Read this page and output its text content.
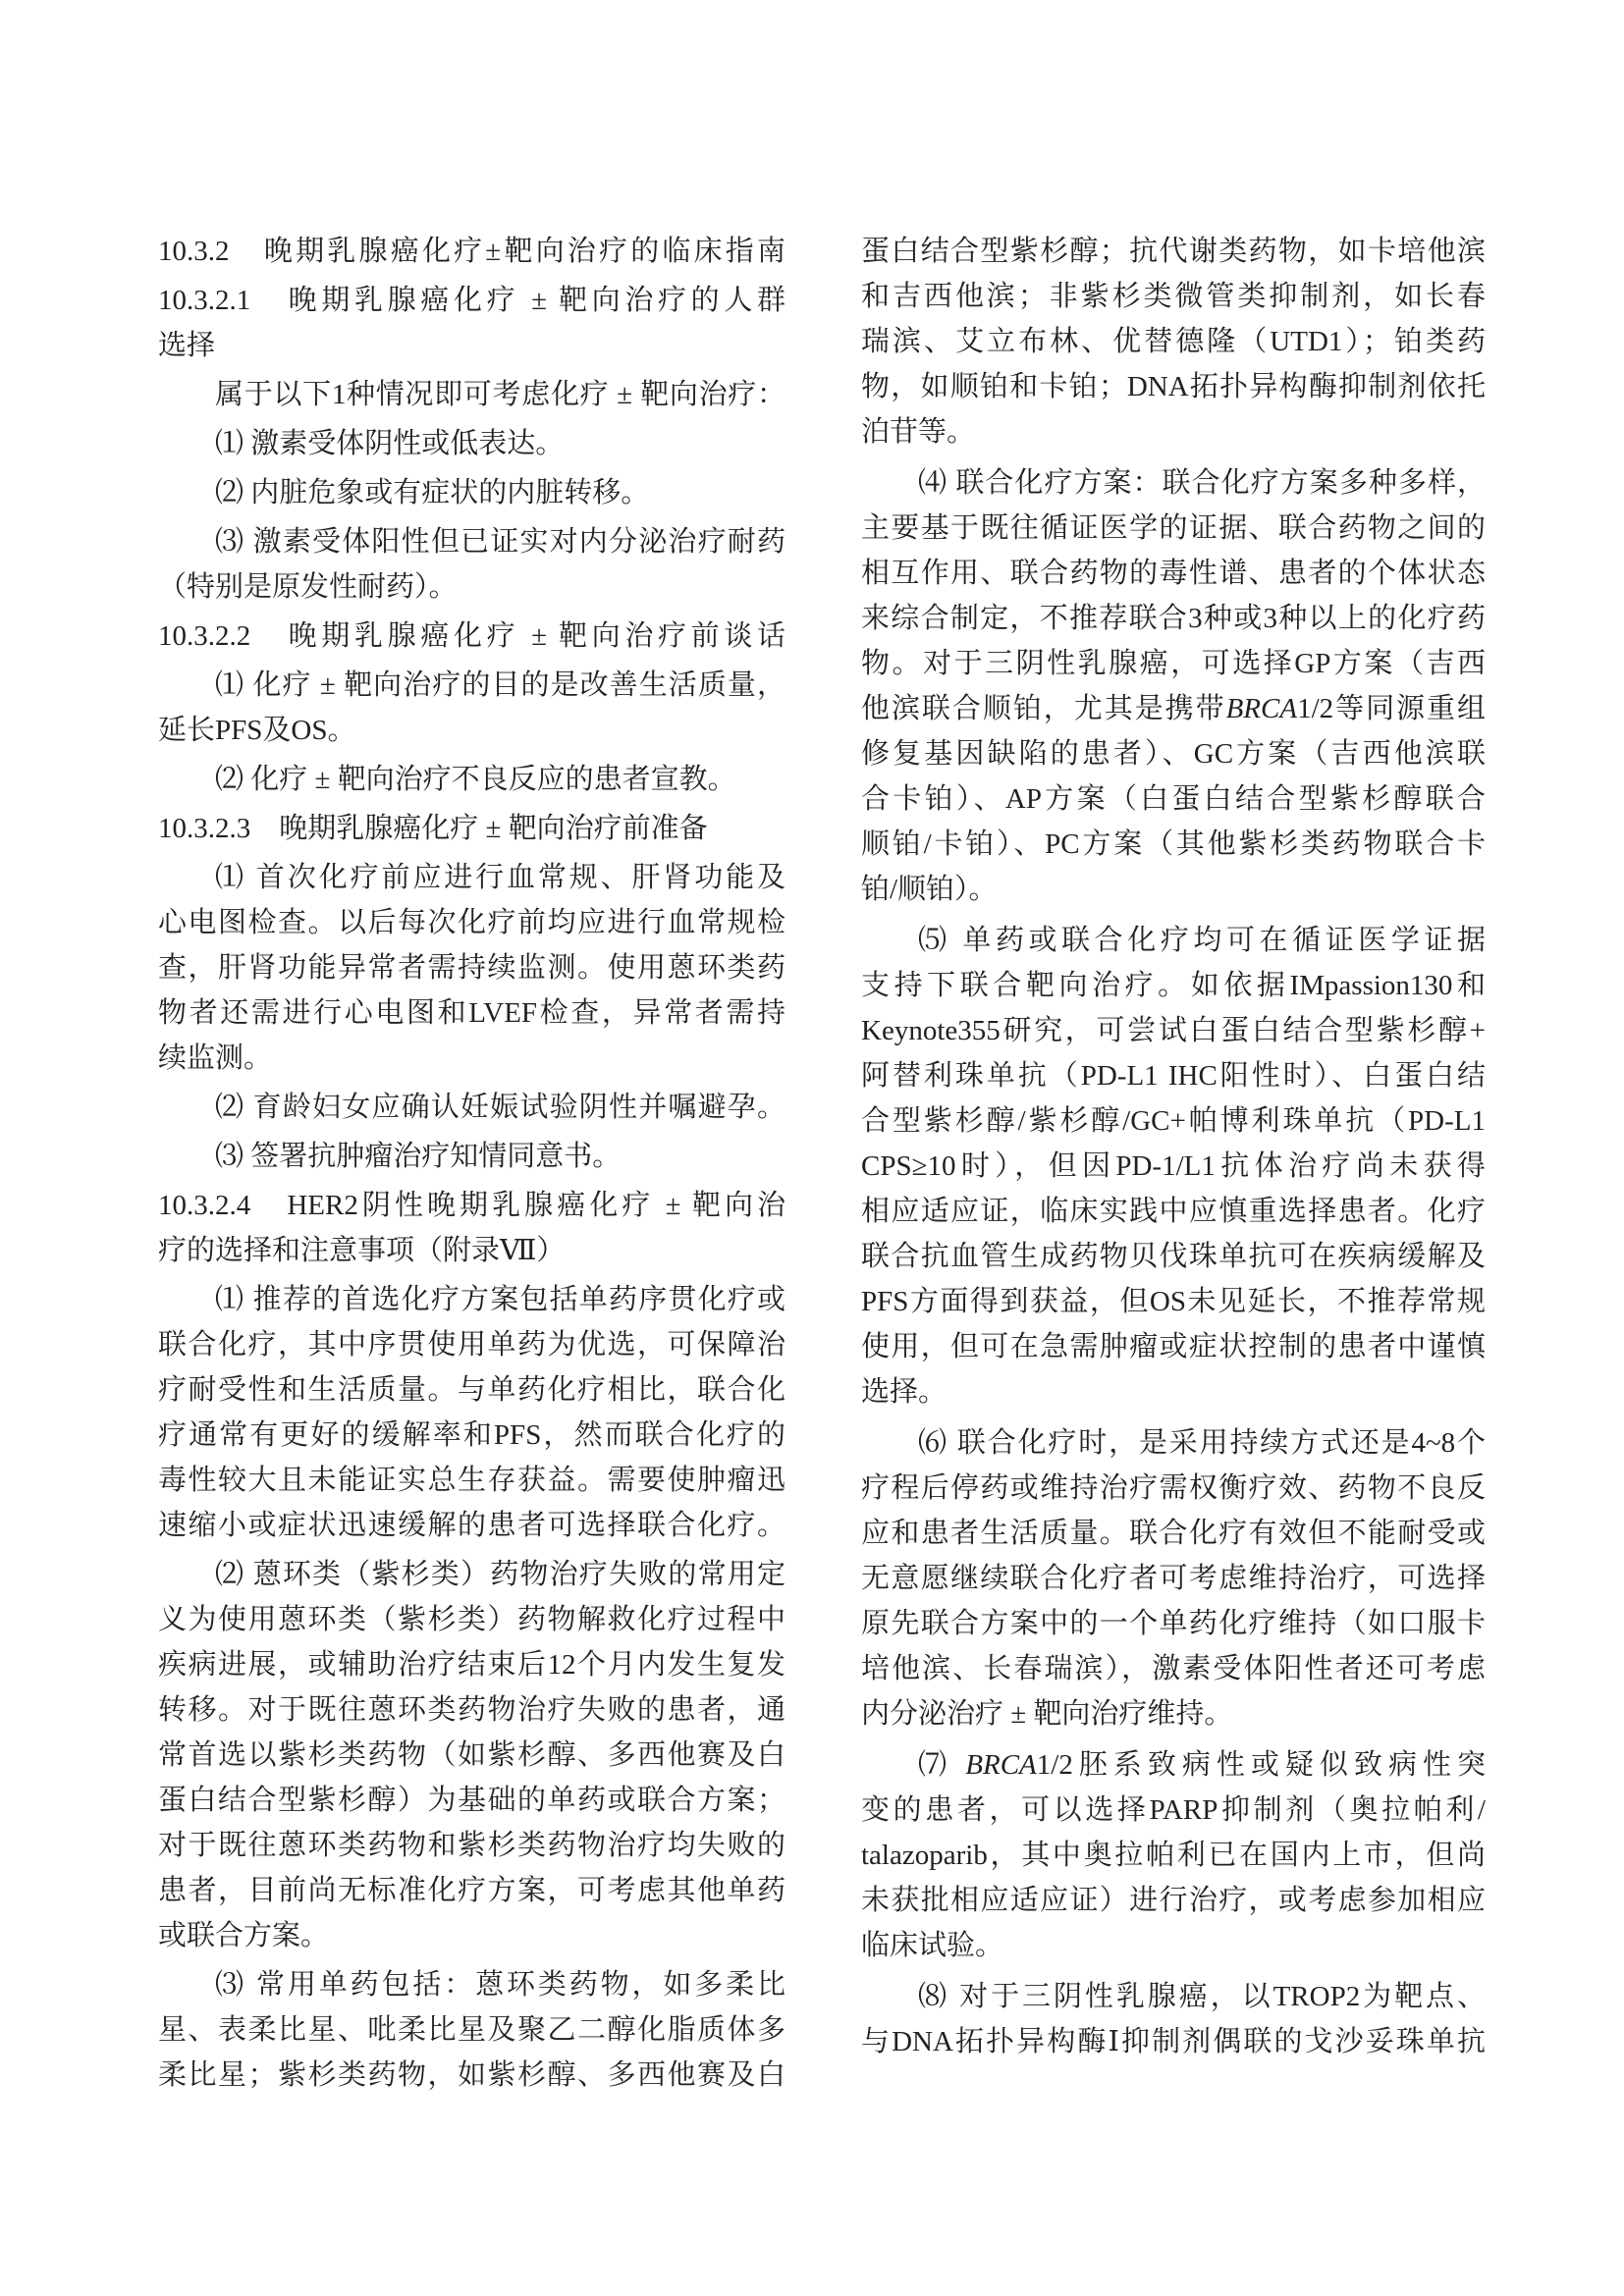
10.3.2　晚期乳腺癌化疗±靶向治疗的临床指南
10.3.2.1　晚期乳腺癌化疗 ± 靶向治疗的人群
选择
属于以下1种情况即可考虑化疗 ± 靶向治疗：
⑴ 激素受体阴性或低表达。
⑵ 内脏危象或有症状的内脏转移。
⑶ 激素受体阳性但已证实对内分泌治疗耐药
（特别是原发性耐药）。
10.3.2.2　晚期乳腺癌化疗 ± 靶向治疗前谈话
⑴ 化疗 ± 靶向治疗的目的是改善生活质量，
延长PFS及OS。
⑵ 化疗 ± 靶向治疗不良反应的患者宣教。
10.3.2.3　晚期乳腺癌化疗 ± 靶向治疗前准备
⑴ 首次化疗前应进行血常规、肝肾功能及
心电图检查。以后每次化疗前均应进行血常规检
查，肝肾功能异常者需持续监测。使用蒽环类药
物者还需进行心电图和LVEF检查，异常者需持
续监测。
⑵ 育龄妇女应确认妊娠试验阴性并嘱避孕。
⑶ 签署抗肿瘤治疗知情同意书。
10.3.2.4　HER2阴性晚期乳腺癌化疗 ± 靶向治
疗的选择和注意事项（附录Ⅶ）
⑴ 推荐的首选化疗方案包括单药序贯化疗或
联合化疗，其中序贯使用单药为优选，可保障治
疗耐受性和生活质量。与单药化疗相比，联合化
疗通常有更好的缓解率和PFS，然而联合化疗的
毒性较大且未能证实总生存获益。需要使肿瘤迅
速缩小或症状迅速缓解的患者可选择联合化疗。
⑵ 蒽环类（紫杉类）药物治疗失败的常用定
义为使用蒽环类（紫杉类）药物解救化疗过程中
疾病进展，或辅助治疗结束后12个月内发生复发
转移。对于既往蒽环类药物治疗失败的患者，通
常首选以紫杉类药物（如紫杉醇、多西他赛及白
蛋白结合型紫杉醇）为基础的单药或联合方案；
对于既往蒽环类药物和紫杉类药物治疗均失败的
患者，目前尚无标准化疗方案，可考虑其他单药
或联合方案。
⑶ 常用单药包括：蒽环类药物，如多柔比
星、表柔比星、吡柔比星及聚乙二醇化脂质体多
柔比星；紫杉类药物，如紫杉醇、多西他赛及白
蛋白结合型紫杉醇；抗代谢类药物，如卡培他滨
和吉西他滨；非紫杉类微管类抑制剂，如长春
瑞滨、艾立布林、优替德隆（UTD1）；铂类药
物，如顺铂和卡铂；DNA拓扑异构酶抑制剂依托
泊苷等。
⑷ 联合化疗方案：联合化疗方案多种多样，
主要基于既往循证医学的证据、联合药物之间的
相互作用、联合药物的毒性谱、患者的个体状态
来综合制定，不推荐联合3种或3种以上的化疗药
物。对于三阴性乳腺癌，可选择GP方案（吉西
他滨联合顺铂，尤其是携带BRCA1/2等同源重组
修复基因缺陷的患者）、GC方案（吉西他滨联
合卡铂）、AP方案（白蛋白结合型紫杉醇联合
顺铂/卡铂）、PC方案（其他紫杉类药物联合卡
铂/顺铂）。
⑸ 单药或联合化疗均可在循证医学证据
支持下联合靶向治疗。如依据IMpassion130和
Keynote355研究，可尝试白蛋白结合型紫杉醇+
阿替利珠单抗（PD-L1 IHC阳性时）、白蛋白结
合型紫杉醇/紫杉醇/GC+帕博利珠单抗（PD-L1
CPS≥10时），但因PD-1/L1抗体治疗尚未获得
相应适应证，临床实践中应慎重选择患者。化疗
联合抗血管生成药物贝伐珠单抗可在疾病缓解及
PFS方面得到获益，但OS未见延长，不推荐常规
使用，但可在急需肿瘤或症状控制的患者中谨慎
选择。
⑹ 联合化疗时，是采用持续方式还是4~8个
疗程后停药或维持治疗需权衡疗效、药物不良反
应和患者生活质量。联合化疗有效但不能耐受或
无意愿继续联合化疗者可考虑维持治疗，可选择
原先联合方案中的一个单药化疗维持（如口服卡
培他滨、长春瑞滨），激素受体阳性者还可考虑
内分泌治疗 ± 靶向治疗维持。
⑺ BRCA1/2胚系致病性或疑似致病性突
变的患者，可以选择PARP抑制剂（奥拉帕利/
talazoparib，其中奥拉帕利已在国内上市，但尚
未获批相应适应证）进行治疗，或考虑参加相应
临床试验。
⑻ 对于三阴性乳腺癌，以TROP2为靶点、
与DNA拓扑异构酶Ⅰ抑制剂偶联的戈沙妥珠单抗
